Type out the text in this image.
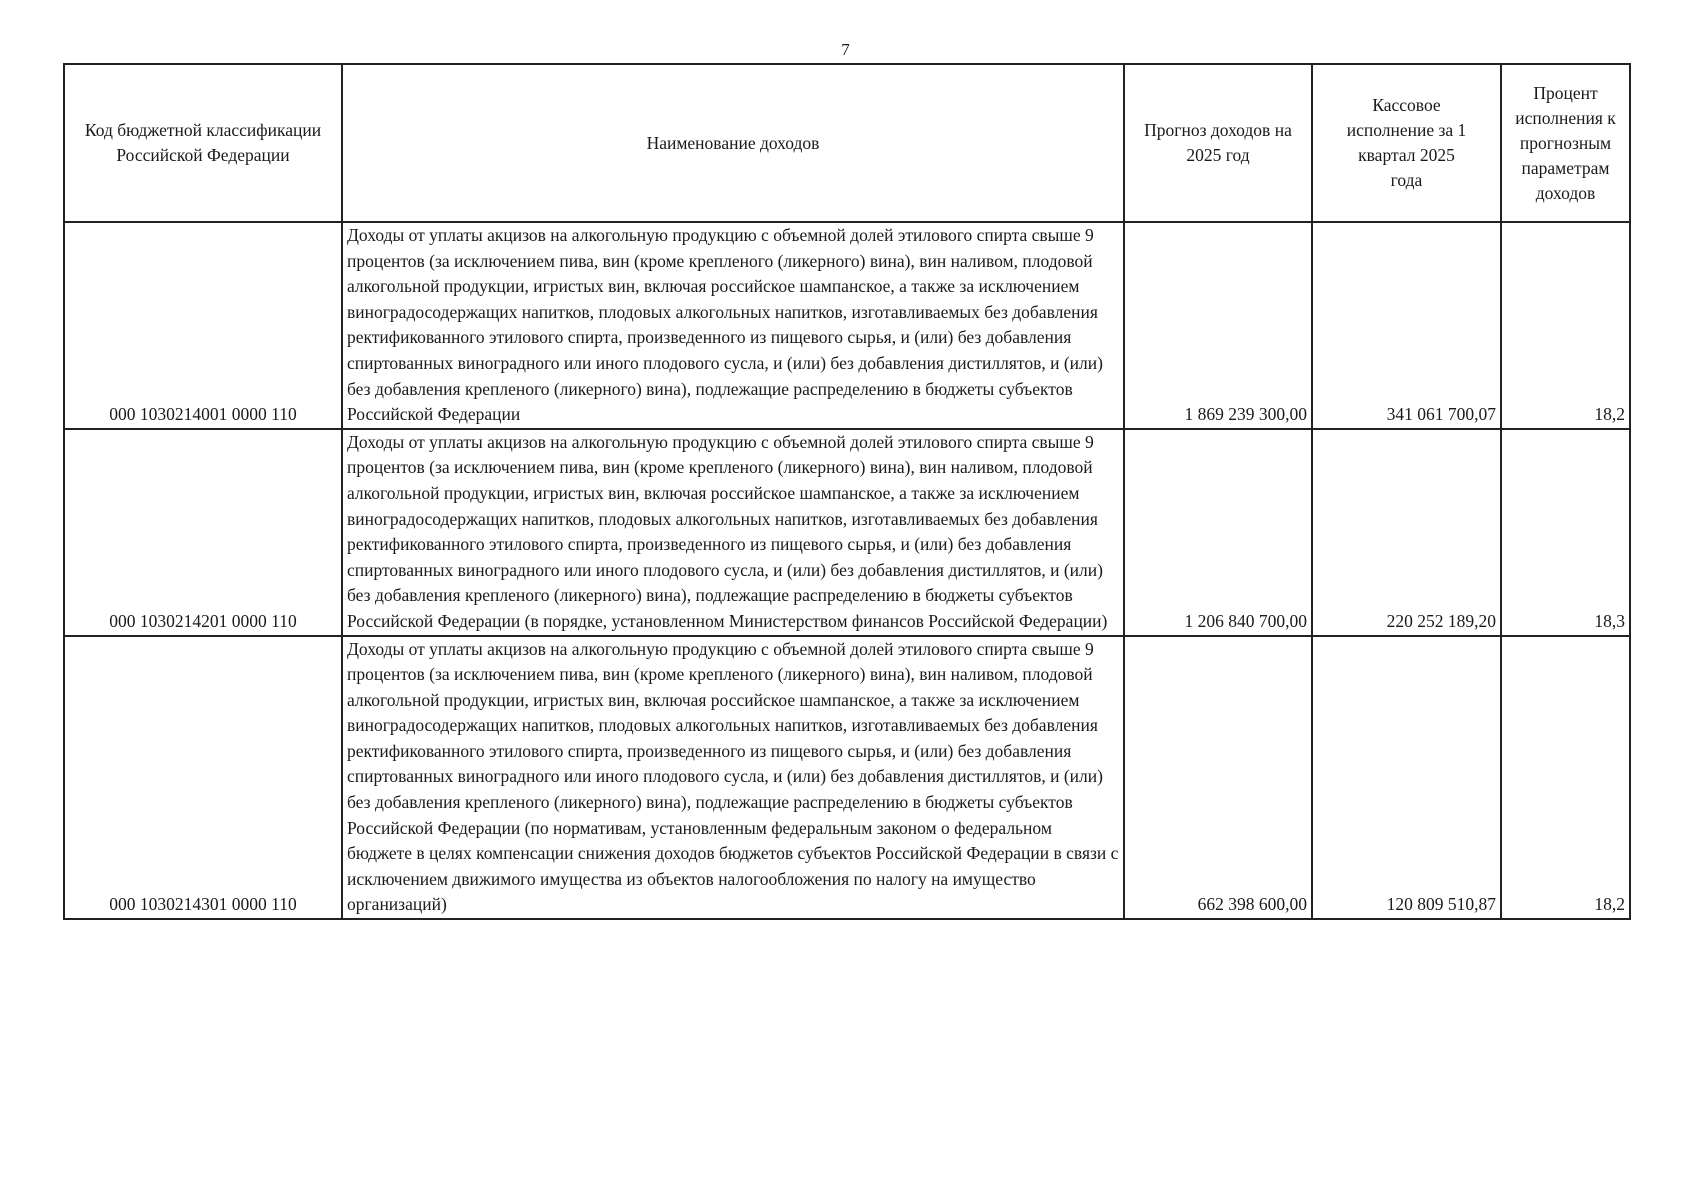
7
Код бюджетной классификации Российской Федерации	Наименование доходов	Прогноз доходов на 2025 год	Кассовое исполнение за 1 квартал 2025 года	Процент исполнения к прогнозным параметрам доходов
000 1030214001 0000 110	Доходы от уплаты акцизов на алкогольную продукцию с объемной долей этилового спирта свыше 9 процентов (за исключением пива, вин (кроме крепленого (ликерного) вина), вин наливом, плодовой алкогольной продукции, игристых вин, включая российское шампанское, а также за исключением виноградосодержащих напитков, плодовых алкогольных напитков, изготавливаемых без добавления ректификованного этилового спирта, произведенного из пищевого сырья, и (или) без добавления спиртованных виноградного или иного плодового сусла, и (или) без добавления дистиллятов, и (или) без добавления крепленого (ликерного) вина), подлежащие распределению в бюджеты субъектов Российской Федерации	1 869 239 300,00	341 061 700,07	18,2
000 1030214201 0000 110	Доходы от уплаты акцизов на алкогольную продукцию с объемной долей этилового спирта свыше 9 процентов (за исключением пива, вин (кроме крепленого (ликерного) вина), вин наливом, плодовой алкогольной продукции, игристых вин, включая российское шампанское, а также за исключением виноградосодержащих напитков, плодовых алкогольных напитков, изготавливаемых без добавления ректификованного этилового спирта, произведенного из пищевого сырья, и (или) без добавления спиртованных виноградного или иного плодового сусла, и (или) без добавления дистиллятов, и (или) без добавления крепленого (ликерного) вина), подлежащие распределению в бюджеты субъектов Российской Федерации (в порядке, установленном Министерством финансов Российской Федерации)	1 206 840 700,00	220 252 189,20	18,3
000 1030214301 0000 110	Доходы от уплаты акцизов на алкогольную продукцию с объемной долей этилового спирта свыше 9 процентов (за исключением пива, вин (кроме крепленого (ликерного) вина), вин наливом, плодовой алкогольной продукции, игристых вин, включая российское шампанское, а также за исключением виноградосодержащих напитков, плодовых алкогольных напитков, изготавливаемых без добавления ректификованного этилового спирта, произведенного из пищевого сырья, и (или) без добавления спиртованных виноградного или иного плодового сусла, и (или) без добавления дистиллятов, и (или) без добавления крепленого (ликерного) вина), подлежащие распределению в бюджеты субъектов Российской Федерации (по нормативам, установленным федеральным законом о федеральном бюджете в целях компенсации снижения доходов бюджетов субъектов Российской Федерации в связи с исключением движимого имущества из объектов налогообложения по налогу на имущество организаций)	662 398 600,00	120 809 510,87	18,2
